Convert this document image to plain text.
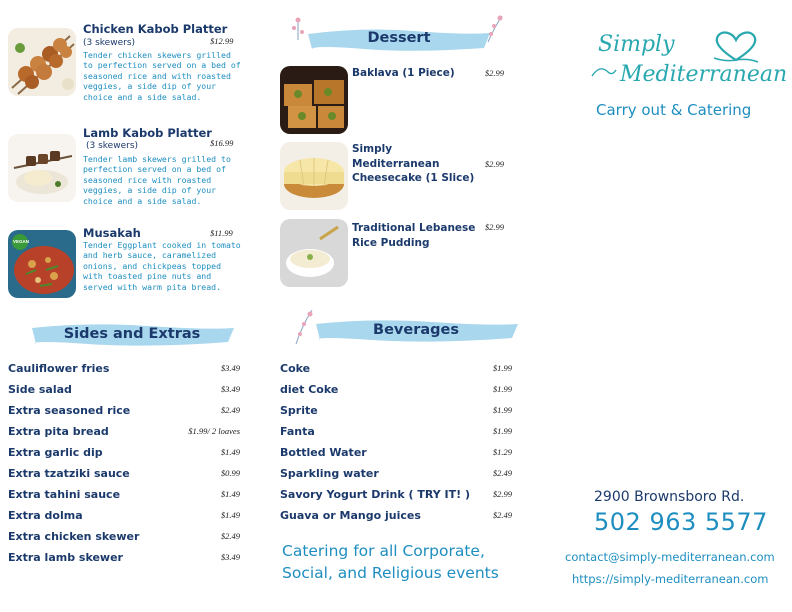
Chicken Kabob Platter
(3 skewers)	$12.99
Tender chicken skewers grilled to perfection served on a bed of seasoned rice and with roasted veggies, a side dip of your choice and a side salad.
Lamb Kabob Platter
(3 skewers)	$16.99
Tender lamb skewers grilled to perfection served on a bed of seasoned rice with roasted veggies, a side dip of your choice and a side salad.
VEGAN
Musakah	$11.99
Tender Eggplant cooked in tomato and herb sauce, caramelized onions, and chickpeas topped with toasted pine nuts and served with warm pita bread.
Sides and Extras
Cauliflower fries	$3.49
Side salad	$3.49
Extra seasoned rice	$2.49
Extra pita bread	$1.99/ 2 loaves
Extra garlic dip	$1.49
Extra tzatziki sauce	$0.99
Extra tahini sauce	$1.49
Extra dolma	$1.49
Extra chicken skewer	$2.49
Extra lamb skewer	$3.49
Dessert
Baklava (1 Piece)	$2.99
Simply Mediterranean Cheesecake (1 Slice)
$2.99
Traditional Lebanese Rice Pudding
$2.99
Beverages
Coke	$1.99
diet Coke	$1.99
Sprite	$1.99
Fanta	$1.99
Bottled Water	$1.29
Sparkling water	$2.49
Savory Yogurt Drink ( TRY IT! )	$2.99
Guava or Mango juices	$2.49
Catering for all Corporate,
Social, and Religious events
Simply
Mediterranean
Carry out & Catering
2900 Brownsboro Rd.
502 963 5577
contact@simply-mediterranean.com
https://simply-mediterranean.com
